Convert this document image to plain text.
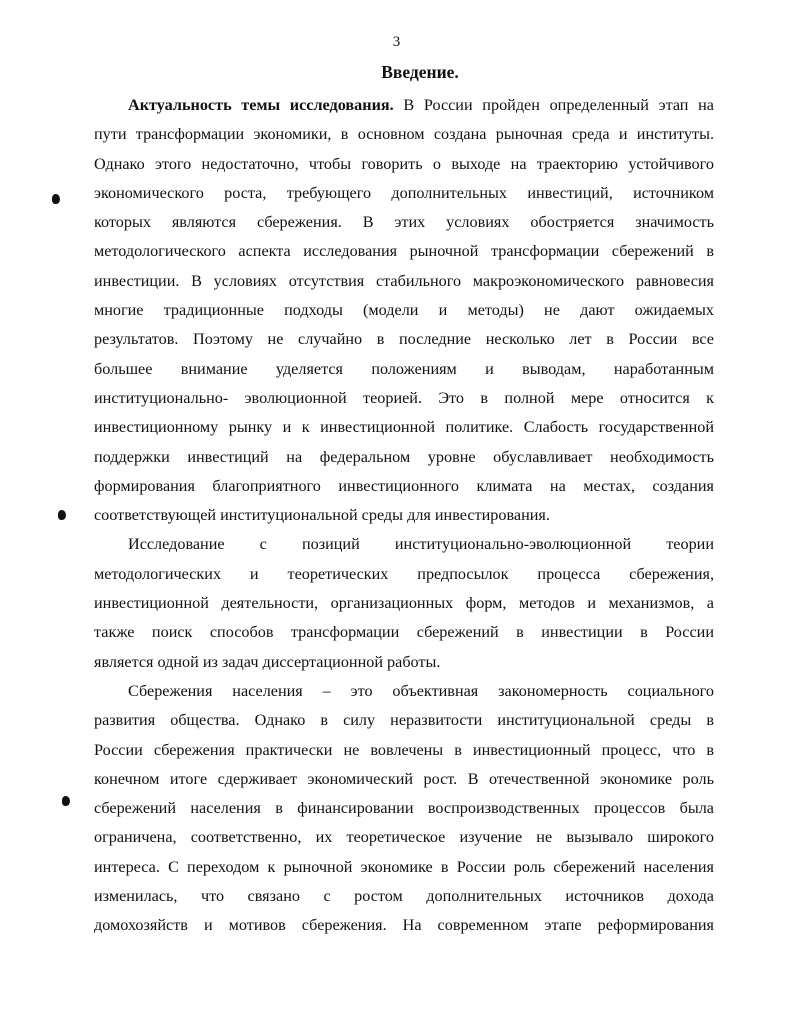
3
Введение.
Актуальность темы исследования. В России пройден определенный этап на
пути трансформации экономики, в основном создана рыночная среда и институты.
Однако этого недостаточно, чтобы говорить о выходе на траекторию устойчивого
экономического роста, требующего дополнительных инвестиций, источником
которых являются сбережения. В этих условиях обостряется значимость
методологического аспекта исследования рыночной трансформации сбережений в
инвестиции. В условиях отсутствия стабильного макроэкономического равновесия
многие традиционные подходы (модели и методы) не дают ожидаемых
результатов. Поэтому не случайно в последние несколько лет в России все
большее внимание уделяется положениям и выводам, наработанным
институционально- эволюционной теорией. Это в полной мере относится к
инвестиционному рынку и к инвестиционной политике. Слабость государственной
поддержки инвестиций на федеральном уровне обуславливает необходимость
формирования благоприятного инвестиционного климата на местах, создания
соответствующей институциональной среды для инвестирования.
Исследование с позиций институционально-эволюционной теории
методологических и теоретических предпосылок процесса сбережения,
инвестиционной деятельности, организационных форм, методов и механизмов, а
также поиск способов трансформации сбережений в инвестиции в России
является одной из задач диссертационной работы.
Сбережения населения – это объективная закономерность социального
развития общества. Однако в силу неразвитости институциональной среды в
России сбережения практически не вовлечены в инвестиционный процесс, что в
конечном итоге сдерживает экономический рост. В отечественной экономике роль
сбережений населения в финансировании воспроизводственных процессов была
ограничена, соответственно, их теоретическое изучение не вызывало широкого
интереса. С переходом к рыночной экономике в России роль сбережений населения
изменилась, что связано с ростом дополнительных источников дохода
домохозяйств и мотивов сбережения. На современном этапе реформирования
